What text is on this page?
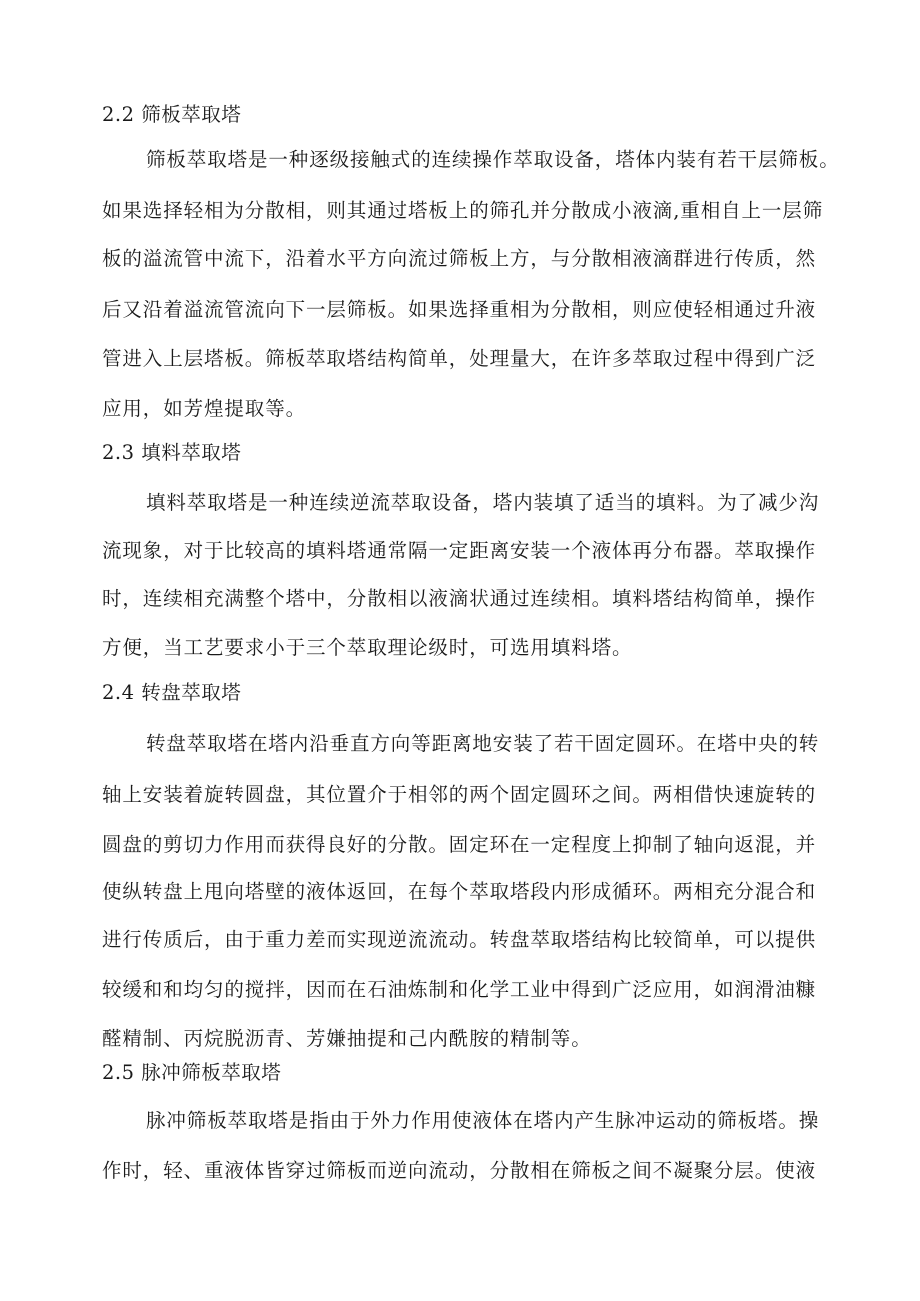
2.2 筛板萃取塔
筛板萃取塔是一种逐级接触式的连续操作萃取设备，塔体内装有若干层筛板。
如果选择轻相为分散相，则其通过塔板上的筛孔并分散成小液滴,重相自上一层筛
板的溢流管中流下，沿着水平方向流过筛板上方，与分散相液滴群进行传质，然
后又沿着溢流管流向下一层筛板。如果选择重相为分散相，则应使轻相通过升液
管进入上层塔板。筛板萃取塔结构简单，处理量大，在许多萃取过程中得到广泛
应用，如芳煌提取等。
2.3 填料萃取塔
填料萃取塔是一种连续逆流萃取设备，塔内装填了适当的填料。为了减少沟
流现象，对于比较高的填料塔通常隔一定距离安装一个液体再分布器。萃取操作
时，连续相充满整个塔中，分散相以液滴状通过连续相。填料塔结构简单，操作
方便，当工艺要求小于三个萃取理论级时，可选用填料塔。
2.4 转盘萃取塔
转盘萃取塔在塔内沿垂直方向等距离地安装了若干固定圆环。在塔中央的转
轴上安装着旋转圆盘，其位置介于相邻的两个固定圆环之间。两相借快速旋转的
圆盘的剪切力作用而获得良好的分散。固定环在一定程度上抑制了轴向返混，并
使纵转盘上甩向塔壁的液体返回，在每个萃取塔段内形成循环。两相充分混合和
进行传质后，由于重力差而实现逆流流动。转盘萃取塔结构比较简单，可以提供
较缓和和均匀的搅拌，因而在石油炼制和化学工业中得到广泛应用，如润滑油糠
醛精制、丙烷脱沥青、芳嫌抽提和己内酰胺的精制等。
2.5 脉冲筛板萃取塔
脉冲筛板萃取塔是指由于外力作用使液体在塔内产生脉冲运动的筛板塔。操
作时，轻、重液体皆穿过筛板而逆向流动，分散相在筛板之间不凝聚分层。使液
